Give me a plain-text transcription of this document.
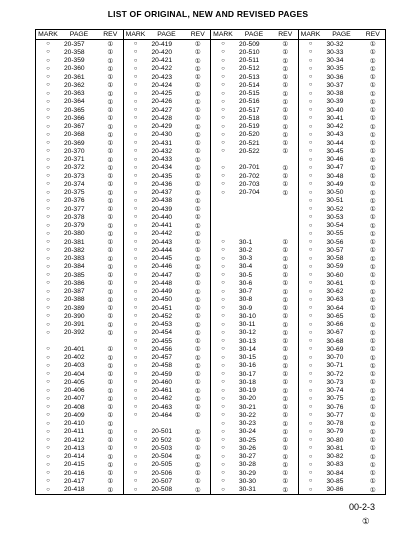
LIST OF ORIGINAL, NEW AND REVISED PAGES
MARK	PAGE	REV
○	20-357	①
○	20-358	①
○	20-359	①
○	20-360	①
○	20-361	①
○	20-362	①
○	20-363	①
○	20-364	①
○	20-365	①
○	20-366	①
○	20-367	①
○	20-368	①
○	20-369	①
○	20-370	①
○	20-371	①
○	20-372	①
○	20-373	①
○	20-374	①
○	20-375	①
○	20-376	①
○	20-377	①
○	20-378	①
○	20-379	①
○	20-380	①
○	20-381	①
○	20-382	①
○	20-383	①
○	20-384	①
○	20-385	①
○	20-386	①
○	20-387	①
○	20-388	①
○	20-389	①
○	20-390	①
○	20-391	①
○	20-392	①
○	20-401	①
○	20-402	①
○	20-403	①
○	20-404	①
○	20-405	①
○	20-406	①
○	20-407	①
○	20-408	①
○	20-409	①
○	20-410	①
○	20-411	①
○	20-412	①
○	20-413	①
○	20-414	①
○	20-415	①
○	20-416	①
○	20-417	①
○	20-418	①
MARK	PAGE	REV
○	20-419	①
○	20-420	①
○	20-421	①
○	20-422	①
○	20-423	①
○	20-424	①
○	20-425	①
○	20-426	①
○	20-427	①
○	20-428	①
○	20-429	①
○	20-430	①
○	20-431	①
○	20-432	①
○	20-433	①
○	20-434	①
○	20-435	①
○	20-436	①
○	20-437	①
○	20-438	①
○	20-439	①
○	20-440	①
○	20-441	①
○	20-442	①
○	20-443	①
○	20-444	①
○	20-445	①
○	20-446	①
○	20-447	①
○	20-448	①
○	20-449	①
○	20-450	①
○	20-451	①
○	20-452	①
○	20-453	①
○	20-454	①
○	20-455	①
○	20-456	①
○	20-457	①
○	20-458	①
○	20-459	①
○	20-460	①
○	20-461	①
○	20-462	①
○	20-463	①
○	20-464	①
○	20-501	①
○	20 502	①
○	20-503	①
○	20-504	①
○	20-505	①
○	20-506	①
○	20-507	①
○	20-508	①
MARK	PAGE	REV
○	20-509	①
○	20-510	①
○	20-511	①
○	20-512	①
○	20-513	①
○	20-514	①
○	20-515	①
○	20-516	①
○	20-517	①
○	20-518	①
○	20-519	①
○	20-520	①
○	20-521	①
○	20-522	①
○	20-701	①
○	20-702	①
○	20-703	①
○	20-704	①
○	30-1	①
○	30-2	①
○	30-3	①
○	30-4	①
○	30-5	①
○	30-6	①
○	30-7	①
○	30-8	①
○	30-9	①
○	30-10	①
○	30-11	①
○	30-12	①
○	30-13	①
○	30-14	①
○	30-15	①
○	30-16	①
○	30-17	①
○	30-18	①
○	30-19	①
○	30-20	①
○	30-21	①
○	30-22	①
○	30-23	①
○	30-24	①
○	30-25	①
○	30-26	①
○	30-27	①
○	30-28	①
○	30-29	①
○	30-30	①
○	30-31	①
MARK	PAGE	REV
○	30-32	①
○	30-33	①
○	30-34	①
○	30-35	①
○	30-36	①
○	30-37	①
○	30-38	①
○	30-39	①
○	30-40	①
○	30-41	①
○	30-42	①
○	30-43	①
○	30-44	①
○	30-45	①
○	30-46	①
○	30-47	①
○	30-48	①
○	30-49	①
○	30-50	①
○	30-51	①
○	30-52	①
○	30-53	①
○	30-54	①
○	30-55	①
○	30-56	①
○	30-57	①
○	30-58	①
○	30-59	①
○	30-60	①
○	30-61	①
○	30-62	①
○	30-63	①
○	30-64	①
○	30-65	①
○	30-66	①
○	30-67	①
○	30-68	①
○	30-69	①
○	30-70	①
○	30-71	①
○	30-72	①
○	30-73	①
○	30-74	①
○	30-75	①
○	30-76	①
○	30-77	①
○	30-78	①
○	30-79	①
○	30-80	①
○	30-81	①
○	30-82	①
○	30-83	①
○	30-84	①
○	30-85	①
○	30-86	①
00-2-3
①
